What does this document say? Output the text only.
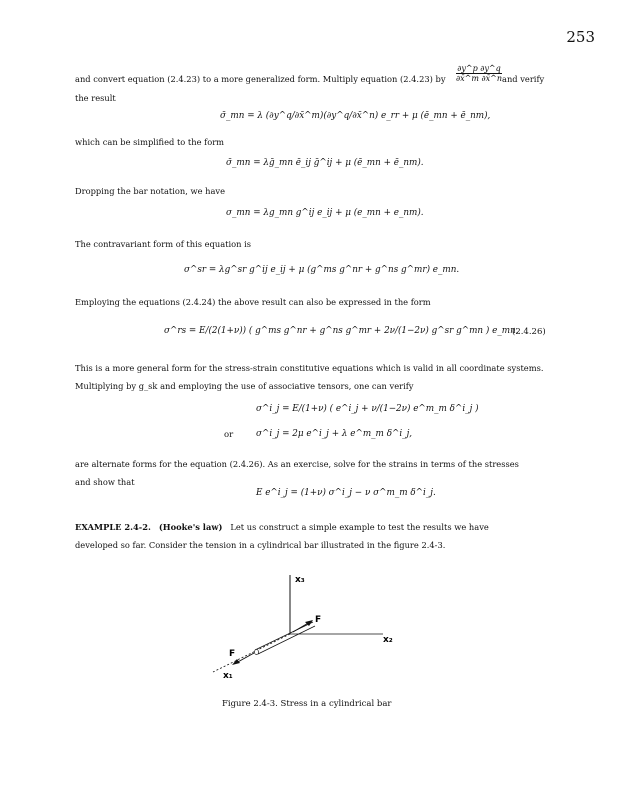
253
and convert equation (2.4.23) to a more generalized form. Multiply equation (2.4.23) by $\frac{\partial y\^{}p \partial y\^{}q}{\partial x̄\^{}m \partial x̄\^{}n}$ and verify
the result
σ̄_mn = λ (∂y^q/∂x̄^m)(∂y^q/∂x̄^n) e_rr + μ (ē_mn + ē_nm),
which can be simplified to the form
σ̄_mn = λḡ_mn ē_ij ḡ^ij + μ (ē_mn + ē_nm).
Dropping the bar notation, we have
σ_mn = λg_mn g^ij e_ij + μ (e_mn + e_nm).
The contravariant form of this equation is
σ^sr = λg^sr g^ij e_ij + μ (g^ms g^nr + g^ns g^mr) e_mn.
Employing the equations (2.4.24) the above result can also be expressed in the form
σ^rs = E/(2(1+ν)) ( g^ms g^nr + g^ns g^mr + 2ν/(1−2ν) g^sr g^mn ) e_mn.
(2.4.26)
This is a more general form for the stress-strain constitutive equations which is valid in all coordinate systems.
Multiplying by g_sk and employing the use of associative tensors, one can verify
σ^i_j = E/(1+ν) ( e^i_j + ν/(1−2ν) e^m_m δ^i_j )
or	σ^i_j = 2μ e^i_j + λ e^m_m δ^i_j,
are alternate forms for the equation (2.4.26). As an exercise, solve for the strains in terms of the stresses
and show that
E e^i_j = (1+ν) σ^i_j − ν σ^m_m δ^i_j.
EXAMPLE 2.4-2. (Hooke's law) Let us construct a simple example to test the results we have
developed so far. Consider the tension in a cylindrical bar illustrated in the figure 2.4-3.
x₃
x₂
x₁
F
F
Figure 2.4-3. Stress in a cylindrical bar
